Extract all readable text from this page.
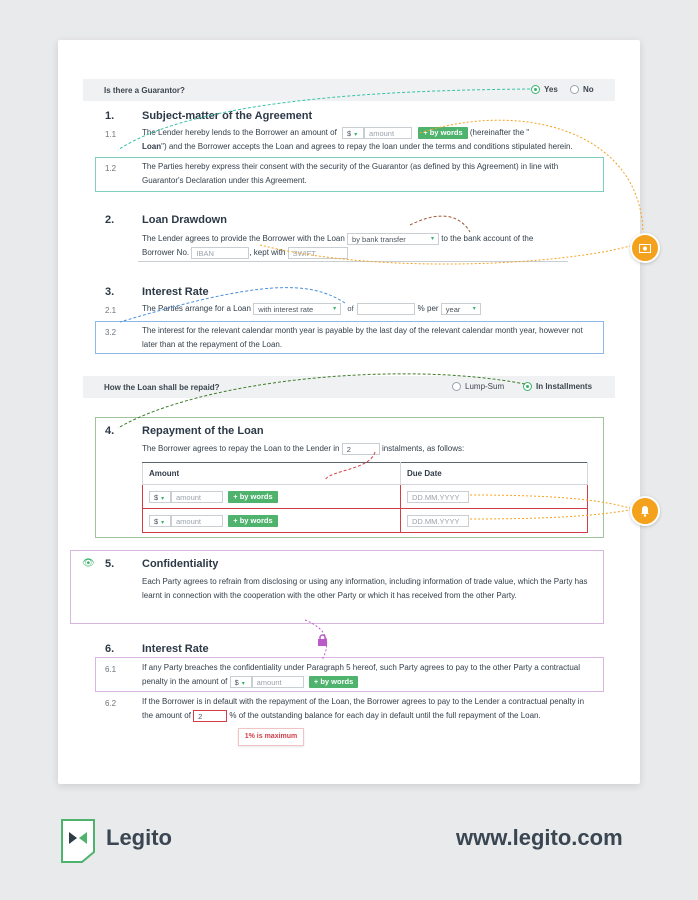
Is there a Guarantor?	Yes	No
1.	Subject-matter of the Agreement
1.1	The Lender hereby lends to the Borrower an amount of $ ▾ amount	+ by words (hereinafter the "
Loan") and the Borrower accepts the Loan and agrees to repay the loan under the terms and conditions stipulated herein.
1.2	The Parties hereby express their consent with the security of the Guarantor (as defined by this Agreement) in line with Guarantor's Declaration under this Agreement.
2.	Loan Drawdown
The Lender agrees to provide the Borrower with the Loan by bank transfer	▾ to the bank account of the
Borrower No. IBAN	, kept with SWIFT
3.	Interest Rate
2.1	The Parties arrange for a Loan with interest rate	▾ of	% per year ▾
3.2	The interest for the relevant calendar month year is payable by the last day of the relevant calendar month year, however not later than at the repayment of the Loan.
How the Loan shall be repaid?	Lump-Sum	In Installments
4.	Repayment of the Loan
The Borrower agrees to repay the Loan to the Lender in 2	instalments, as follows:
Amount	Due Date
$ ▾ amount + by words	DD.MM.YYYY
$ ▾ amount + by words	DD.MM.YYYY
👁 5.	Confidentiality
Each Party agrees to refrain from disclosing or using any information, including information of trade value, which the Party has learnt in connection with the cooperation with the other Party or which it has received from the other Party.
6.	Interest Rate
6.1	If any Party breaches the confidentiality under Paragraph 5 hereof, such Party agrees to pay to the other Party a contractual penalty in the amount of $ ▾ amount	+ by words
6.2	If the Borrower is in default with the repayment of the Loan, the Borrower agrees to pay to the Lender a contractual penalty in the amount of 2	% of the outstanding balance for each day in default until the full repayment of the Loan.
1% is maximum
Legito	www.legito.com
